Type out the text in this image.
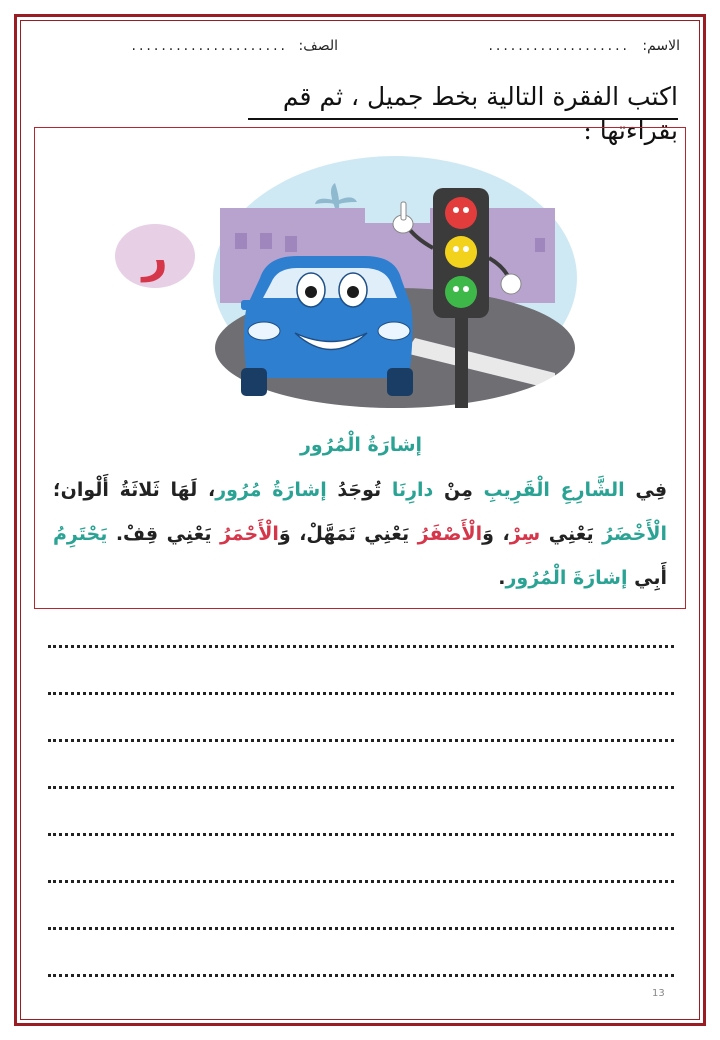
الاسم:
...................
الصف:
.....................
اكتب الفقرة التالية بخط جميل ، ثم قم بقراءتها :
ر
إشارَةُ الْمُرُور
فِي الشَّارِعِ الْقَرِيبِ مِنْ دارِنَا تُوجَدُ إشارَةُ مُرُور، لَهَا ثَلاثَةُ أَلْوان؛ الْأَخْضَرُ يَعْنِي سِرْ، وَالْأَصْفَرُ يَعْنِي تَمَهَّلْ، وَالْأَحْمَرُ يَعْنِي قِفْ. يَحْتَرِمُ أَبِي إشارَةَ الْمُرُور.
13
